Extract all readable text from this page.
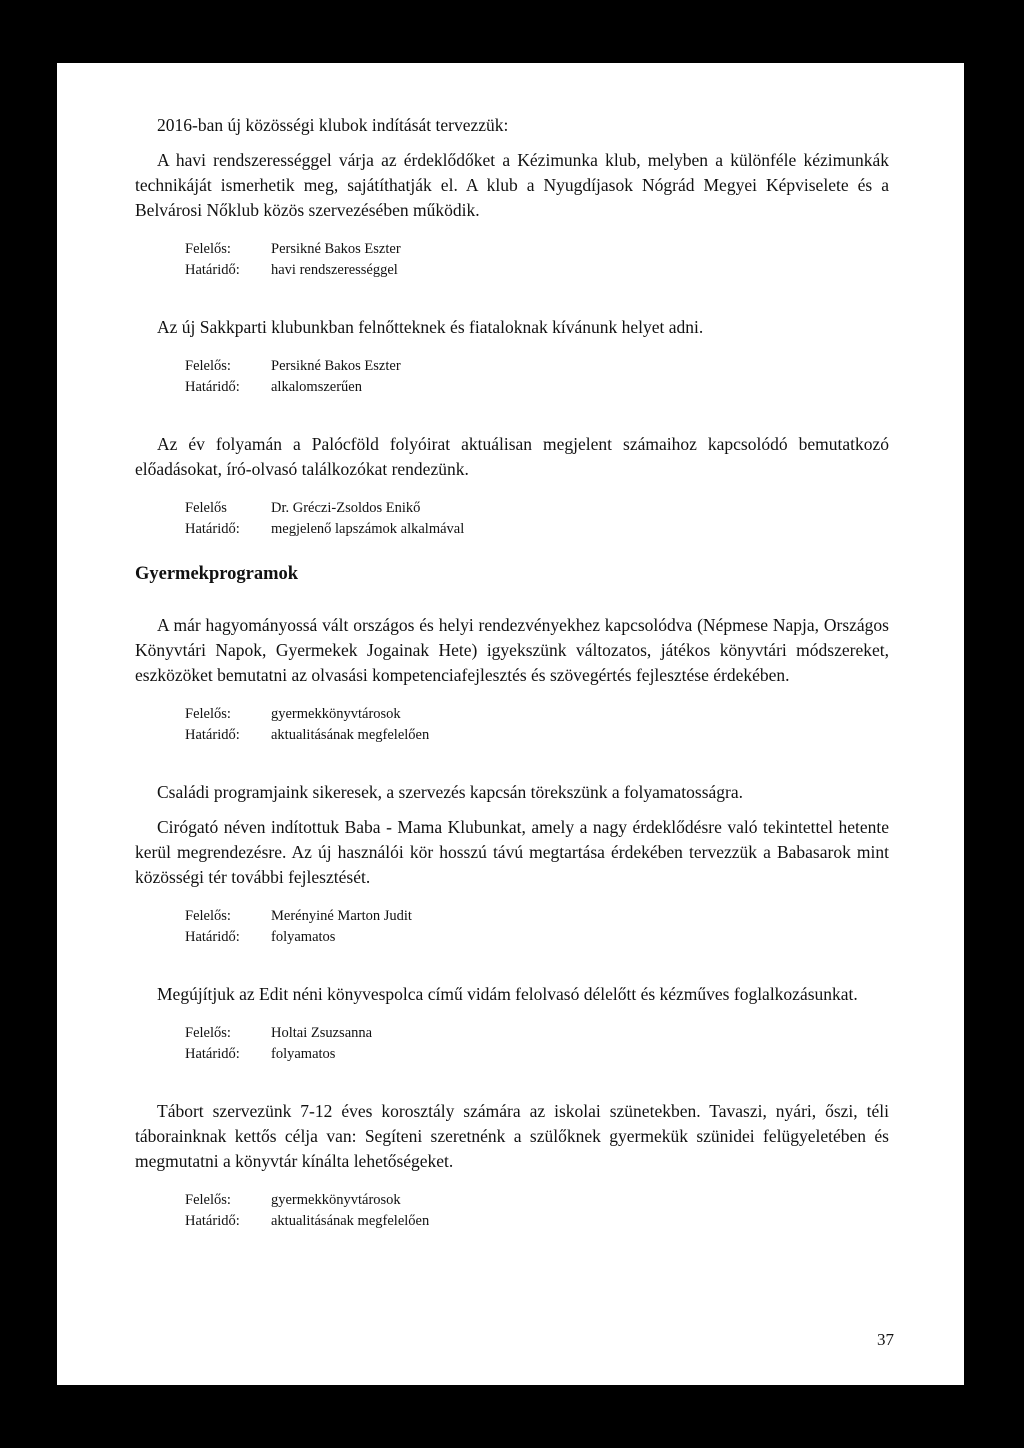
2016-ban új közösségi klubok indítását tervezzük:

A havi rendszerességgel várja az érdeklődőket a Kézimunka klub, melyben a különféle kézimunkák technikáját ismerhetik meg, sajátíthatják el. A klub a Nyugdíjasok Nógrád Megyei Képviselete és a Belvárosi Nőklub közös szervezésében működik.

Felelős:	Persikné Bakos Eszter
Határidő:	havi rendszerességgel

Az új Sakkparti klubunkban felnőtteknek és fiataloknak kívánunk helyet adni.

Felelős:	Persikné Bakos Eszter
Határidő:	alkalomszerűen

Az év folyamán a Palócföld folyóirat aktuálisan megjelent számaihoz kapcsolódó bemutatkozó előadásokat, író-olvasó találkozókat rendezünk.

Felelős	Dr. Gréczi-Zsoldos Enikő
Határidő:	megjelenő lapszámok alkalmával

Gyermekprogramok

A már hagyományossá vált országos és helyi rendezvényekhez kapcsolódva (Népmese Napja, Országos Könyvtári Napok, Gyermekek Jogainak Hete) igyekszünk változatos, játékos könyvtári módszereket, eszközöket bemutatni az olvasási kompetenciafejlesztés és szövegértés fejlesztése érdekében.

Felelős:	gyermekkönyvtárosok
Határidő:	aktualitásának megfelelően

Családi programjaink sikeresek, a szervezés kapcsán törekszünk a folyamatosságra.

Cirógató néven indítottuk Baba - Mama Klubunkat, amely a nagy érdeklődésre való tekintettel hetente kerül megrendezésre. Az új használói kör hosszú távú megtartása érdekében tervezzük a Babasarok mint közösségi tér további fejlesztését.

Felelős:	Merényiné Marton Judit
Határidő:	folyamatos

Megújítjuk az Edit néni könyvespolca című vidám felolvasó délelőtt és kézműves foglalkozásunkat.

Felelős:	Holtai Zsuzsanna
Határidő:	folyamatos

Tábort szervezünk 7-12 éves korosztály számára az iskolai szünetekben. Tavaszi, nyári, őszi, téli táborainknak kettős célja van: Segíteni szeretnénk a szülőknek gyermekük szünidei felügyeletében és megmutatni a könyvtár kínálta lehetőségeket.

Felelős:	gyermekkönyvtárosok
Határidő:	aktualitásának megfelelően
37
